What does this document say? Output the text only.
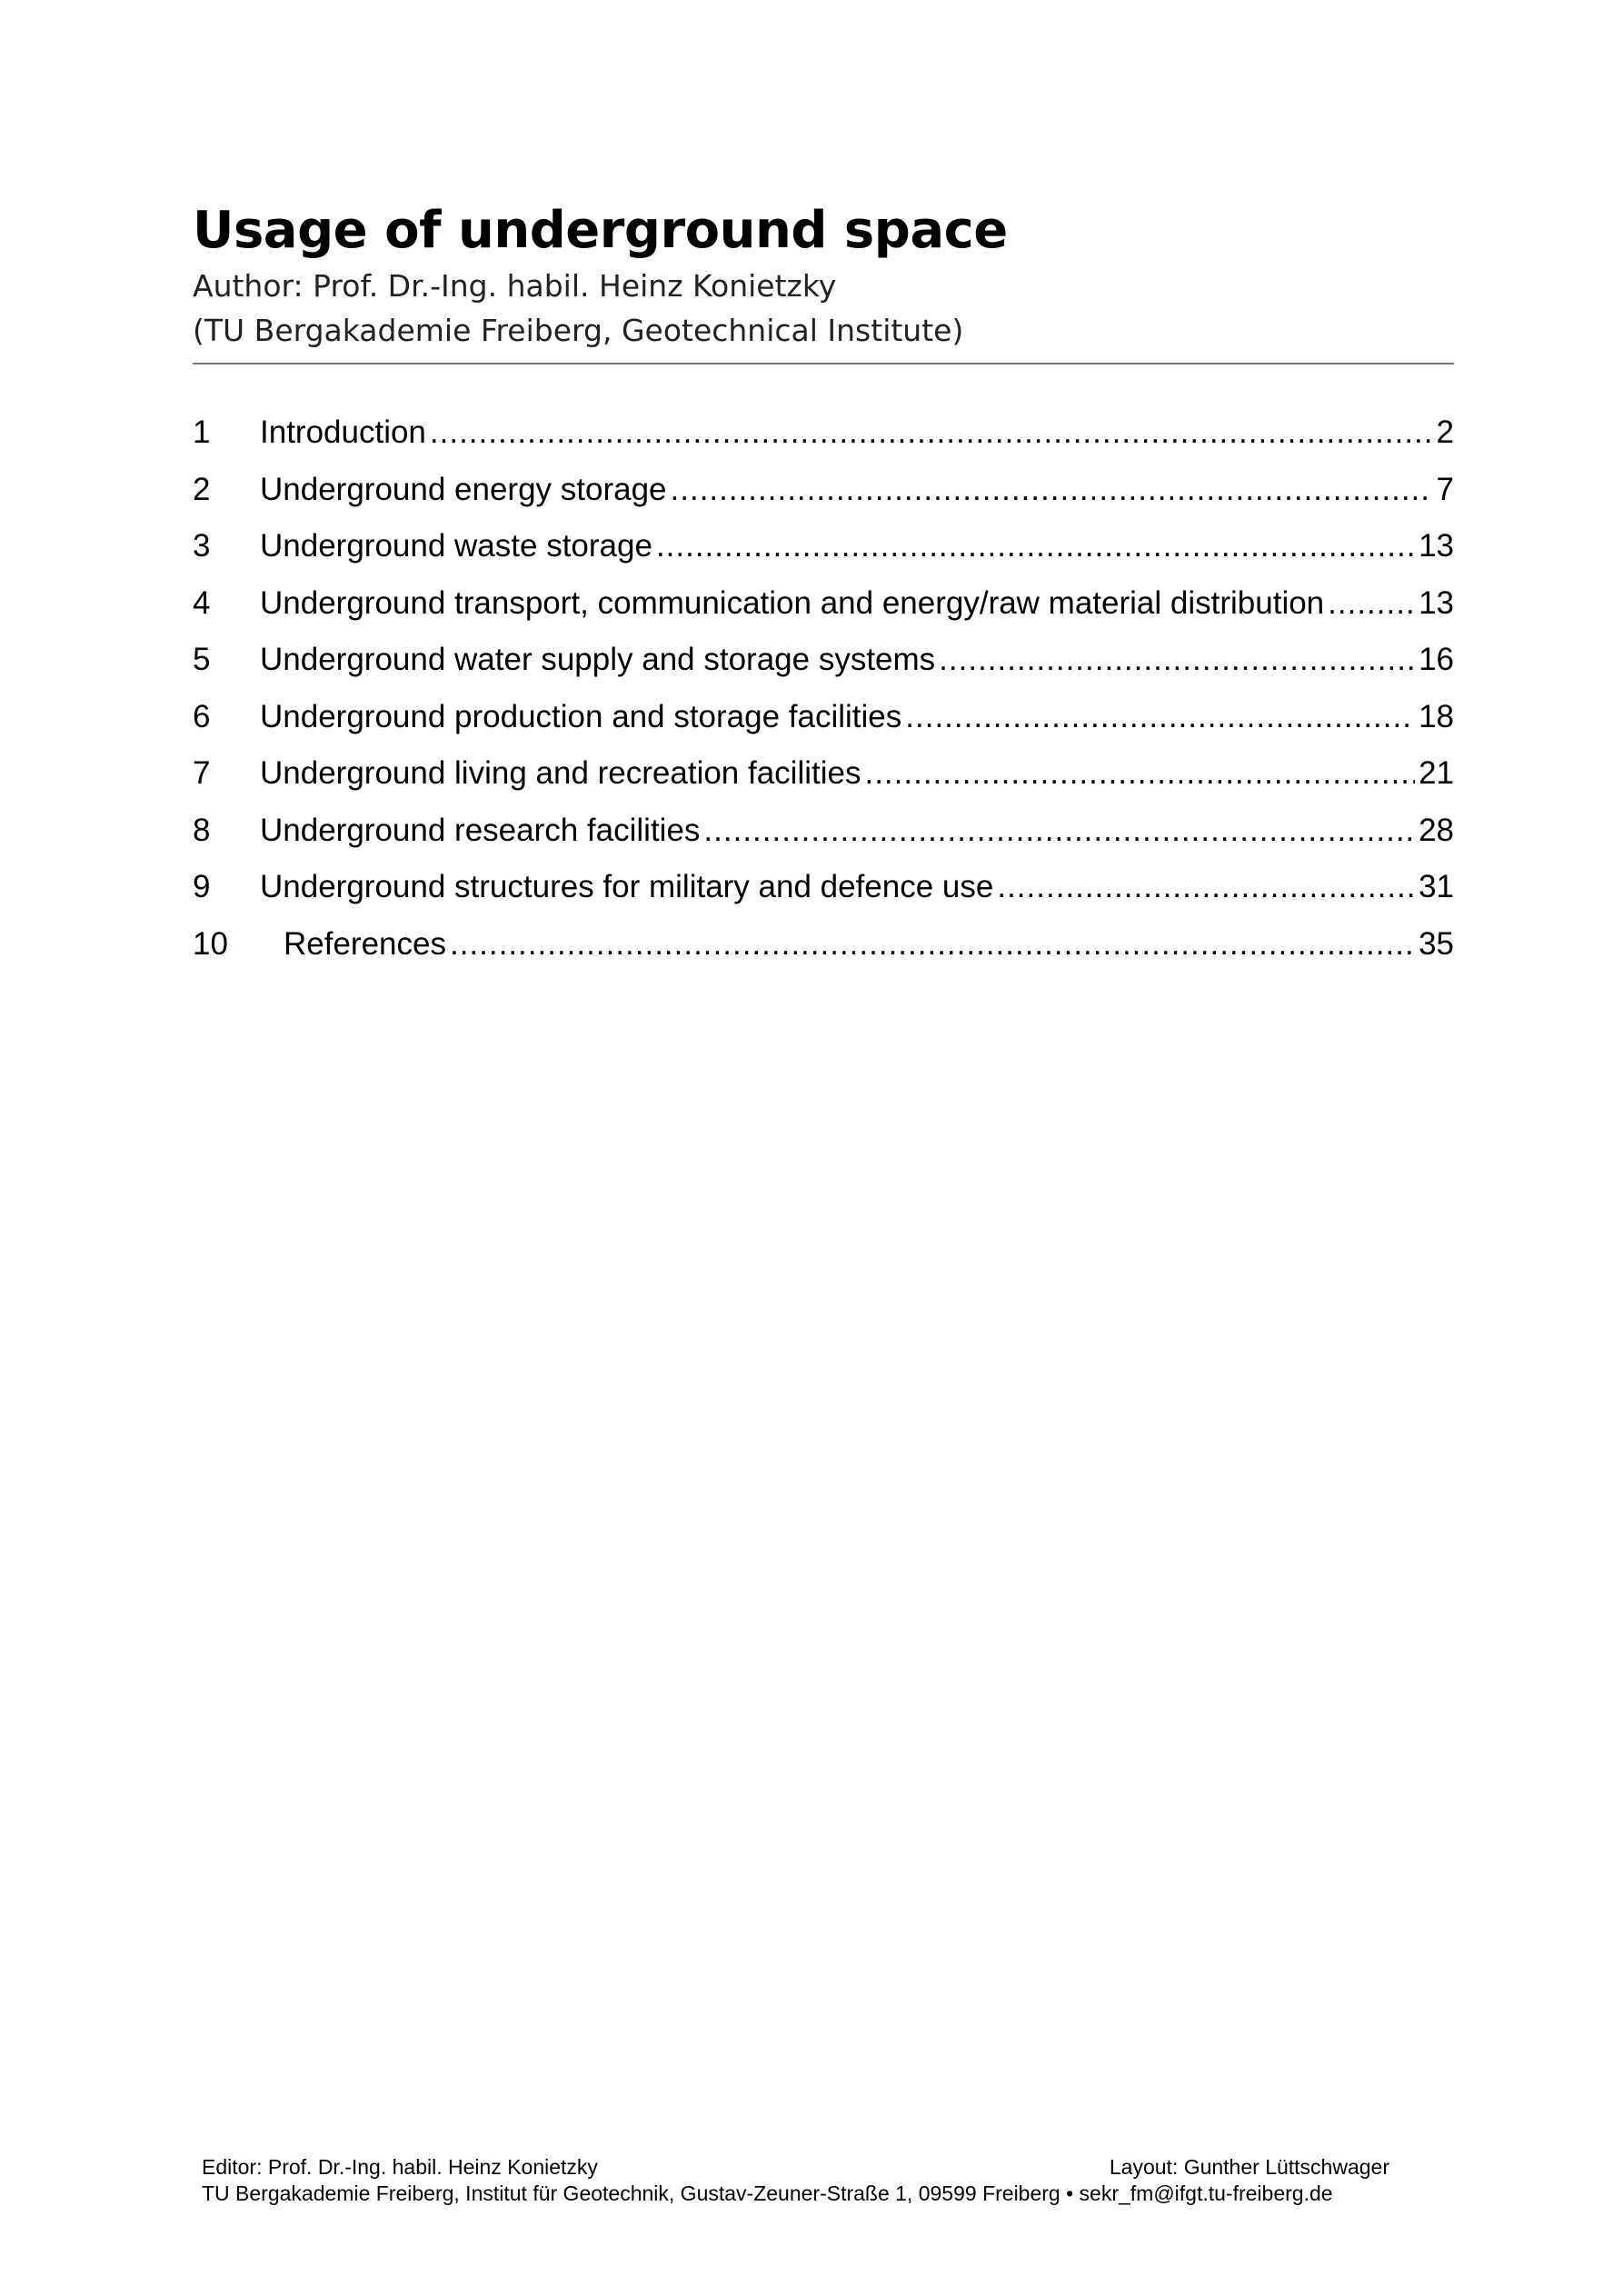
Usage of underground space
Author: Prof. Dr.-Ing. habil. Heinz Konietzky
(TU Bergakademie Freiberg, Geotechnical Institute)
1	Introduction .....	2
2	Underground energy storage .....	7
3	Underground waste storage .....	13
4	Underground transport, communication and energy/raw material distribution .....	13
5	Underground water supply and storage systems .....	16
6	Underground production and storage facilities .....	18
7	Underground living and recreation facilities .....	21
8	Underground research facilities .....	28
9	Underground structures for military and defence use .....	31
10	References .....	35
Editor: Prof. Dr.-Ing. habil. Heinz Konietzky	Layout: Gunther Lüttschwager
TU Bergakademie Freiberg, Institut für Geotechnik, Gustav-Zeuner-Straße 1, 09599 Freiberg • sekr_fm@ifgt.tu-freiberg.de
